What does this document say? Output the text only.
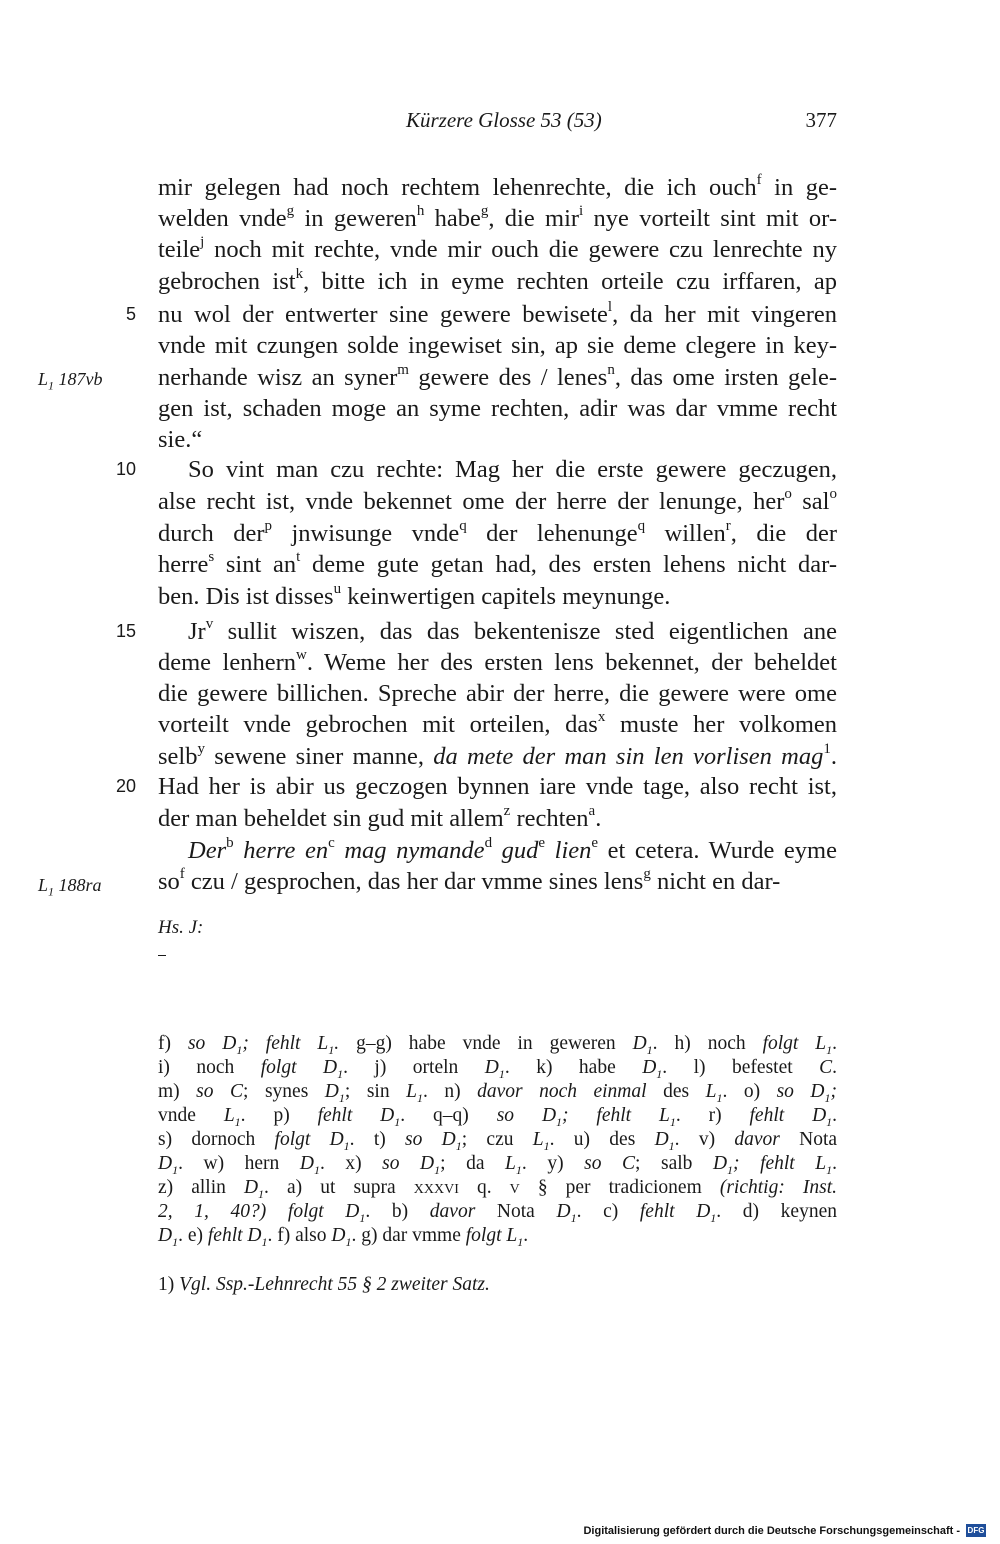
Kürzere Glosse 53 (53)	377
mir gelegen had noch rechtem lehenrechte, die ich ouch$^f$ in ge-
welden vnde$^g$ in geweren$^h$ habe$^g$, die mir$^i$ nye vorteilt sint mit or-
teile$^j$ noch mit rechte, vnde mir ouch die gewere czu lenrechte ny
gebrochen ist$^k$, bitte ich in eyme rechten orteile czu irffaren, ap
nu wol der entwerter sine gewere bewisete$^l$, da her mit vingeren
vnde mit czungen solde ingewiset sin, ap sie deme clegere in key-
nerhande wisz an syner$^m$ gewere des / lenes$^n$, das ome irsten gele-
gen ist, schaden moge an syme rechten, adir was dar vmme recht
sie.“
So vint man czu rechte: Mag her die erste gewere geczugen,
alse recht ist, vnde bekennet ome der herre der lenunge, her$^o$ sal$^o$
durch der$^p$ jnwisunge vnde$^q$ der lehenunge$^q$ willen$^r$, die der
herre$^s$ sint $an^t$ deme gute getan had, des ersten lehens nicht dar-
ben. Dis ist disses$^u$ keinwertigen capitels meynunge.
Jr$^v$ sullit wiszen, das das bekentenisze sted eigentlichen ane
deme lenhern$^w$. Weme her des ersten lens bekennet, der beheldet
die gewere billichen. Spreche abir der herre, die gewere were ome
vorteilt vnde gebrochen mit orteilen, das$^x$ muste her volkomen
selb$^y$ sewene siner manne, da mete der man sin len vorlisen mag$^1$.
Had her is abir us geczogen bynnen iare vnde tage, also recht ist,
der man beheldet sin gud mit allem$^z$ rechten$^a$.
Der$^b$ herre $en^c$ mag nymande$^d$ gud$^e$ lien$^e$ et cetera. Wurde eyme
$so^f$ czu / gesprochen, das her dar vmme sines lens$^g$ nicht en dar-
5
10
15
20
$L_1$ 187vb
$L_1$ 188ra
Hs. J:
f) so $D_1$; fehlt $L_1$. g–g) habe vnde in geweren $D_1$. h) noch folgt $L_1$.
i) noch folgt $D_1$. j) orteln $D_1$. k) habe $D_1$. l) befestet C.
m) so C; synes $D_1$; $\sin L_1$. n) davor noch einmal des $L_1$. o) so $D_1$;
vnde $L_1$. p) fehlt $D_1$. q–q) so $D_1$; fehlt $L_1$. r) fehlt $D_1$.
s) dornoch folgt $D_1$. t) so $D_1$; czu $L_1$. u) des $D_1$. v) davor Nota
$D_1$. w) hern $D_1$. x) so $D_1$; da $L_1$. y) so C; salb $D_1$; fehlt $L_1$.
z) allin $D_1$. a) ut supra xxxvi q. v § per tradicionem (richtig: Inst.
2, 1, 40?) folgt $D_1$. b) davor Nota $D_1$. c) fehlt $D_1$. d) keynen
$D_1$. e) fehlt $D_1$. f) also $D_1$. g) dar vmme folgt $L_1$.
1) Vgl. Ssp.-Lehnrecht 55 § 2 zweiter Satz.
Digitalisierung gefördert durch die Deutsche Forschungsgemeinschaft - DFG
